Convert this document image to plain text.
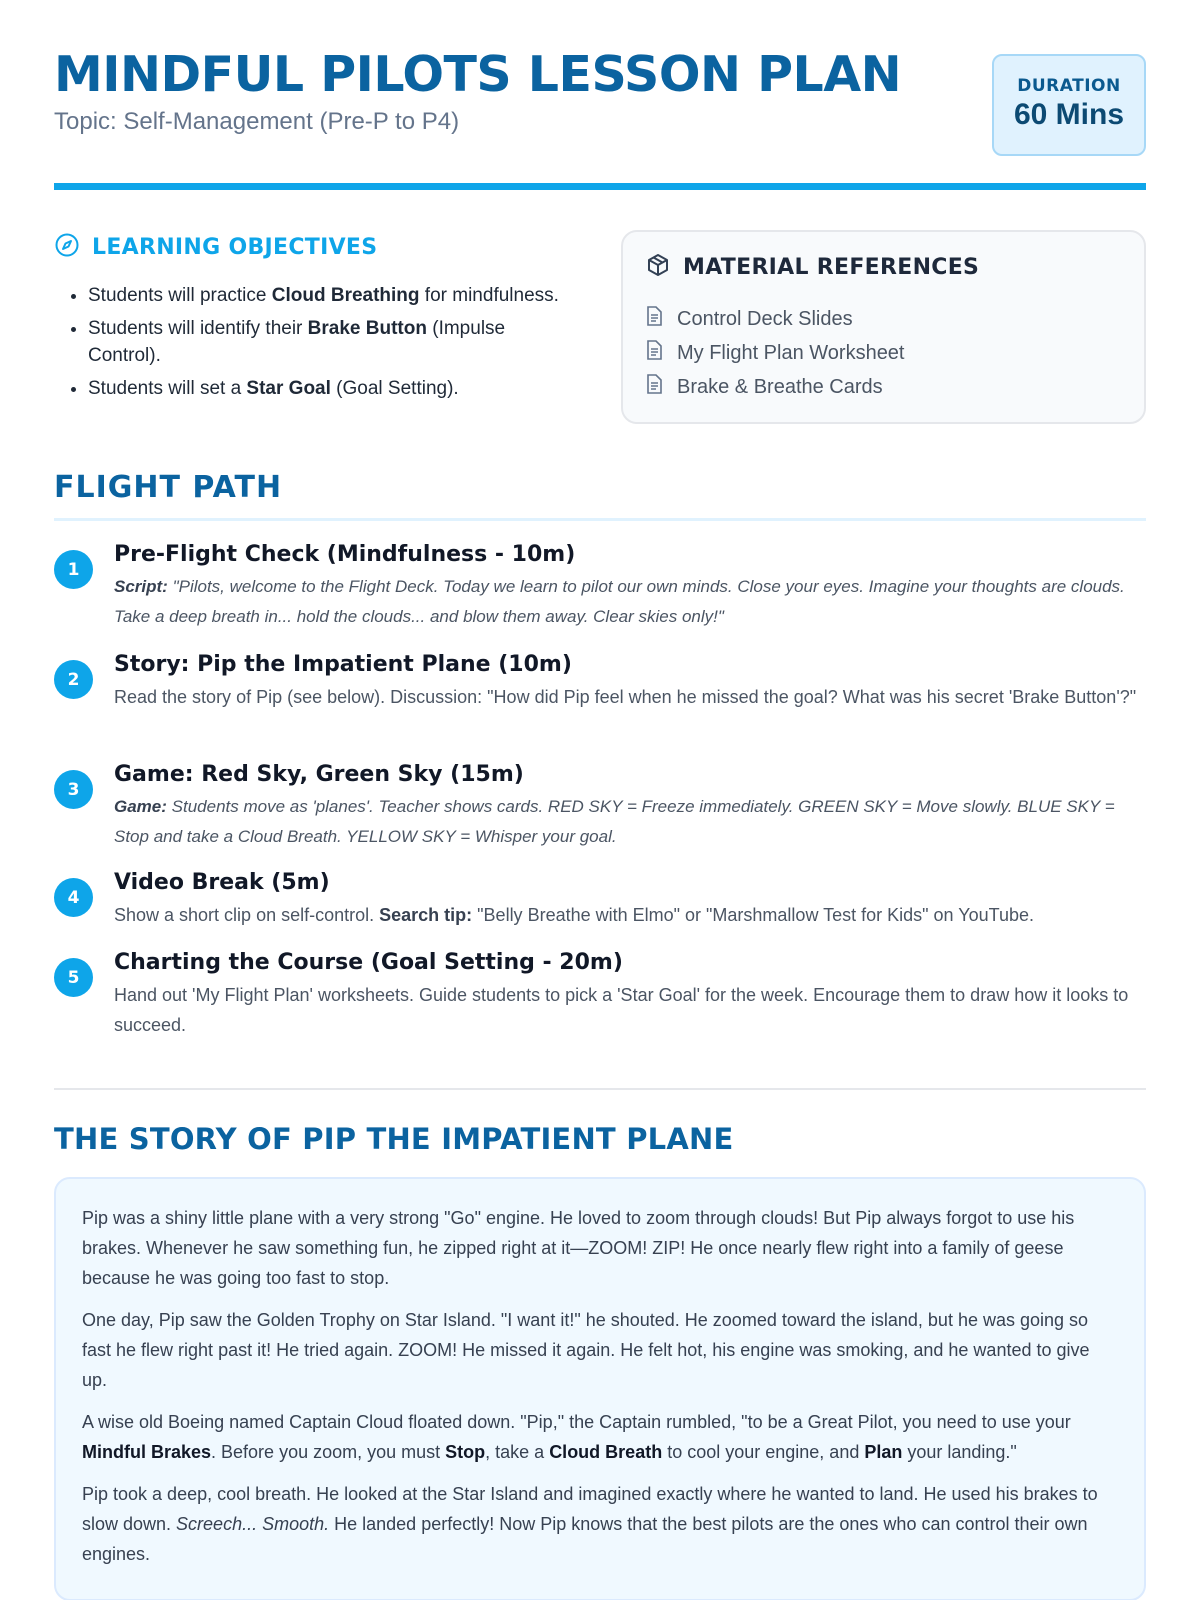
MINDFUL PILOTS LESSON PLAN
Topic: Self-Management (Pre-P to P4)
DURATION
60 Mins
LEARNING OBJECTIVES
• Students will practice Cloud Breathing for mindfulness.
• Students will identify their Brake Button (Impulse Control).
• Students will set a Star Goal (Goal Setting).
MATERIAL REFERENCES
Control Deck Slides
My Flight Plan Worksheet
Brake & Breathe Cards
FLIGHT PATH
1
Pre-Flight Check (Mindfulness - 10m)
Script: "Pilots, welcome to the Flight Deck. Today we learn to pilot our own minds. Close your eyes. Imagine your thoughts are clouds. Take a deep breath in... hold the clouds... and blow them away. Clear skies only!"
2
Story: Pip the Impatient Plane (10m)
Read the story of Pip (see below). Discussion: "How did Pip feel when he missed the goal? What was his secret 'Brake Button'?"
3
Game: Red Sky, Green Sky (15m)
Game: Students move as 'planes'. Teacher shows cards. RED SKY = Freeze immediately. GREEN SKY = Move slowly. BLUE SKY = Stop and take a Cloud Breath. YELLOW SKY = Whisper your goal.
4
Video Break (5m)
Show a short clip on self-control. Search tip: "Belly Breathe with Elmo" or "Marshmallow Test for Kids" on YouTube.
5
Charting the Course (Goal Setting - 20m)
Hand out 'My Flight Plan' worksheets. Guide students to pick a 'Star Goal' for the week. Encourage them to draw how it looks to succeed.
THE STORY OF PIP THE IMPATIENT PLANE

Pip was a shiny little plane with a very strong "Go" engine. He loved to zoom through clouds! But Pip always forgot to use his brakes. Whenever he saw something fun, he zipped right at it—ZOOM! ZIP! He once nearly flew right into a family of geese because he was going too fast to stop.

One day, Pip saw the Golden Trophy on Star Island. "I want it!" he shouted. He zoomed toward the island, but he was going so fast he flew right past it! He tried again. ZOOM! He missed it again. He felt hot, his engine was smoking, and he wanted to give up.

A wise old Boeing named Captain Cloud floated down. "Pip," the Captain rumbled, "to be a Great Pilot, you need to use your Mindful Brakes. Before you zoom, you must Stop, take a Cloud Breath to cool your engine, and Plan your landing."

Pip took a deep, cool breath. He looked at the Star Island and imagined exactly where he wanted to land. He used his brakes to slow down. Screech... Smooth. He landed perfectly! Now Pip knows that the best pilots are the ones who can control their own engines.
